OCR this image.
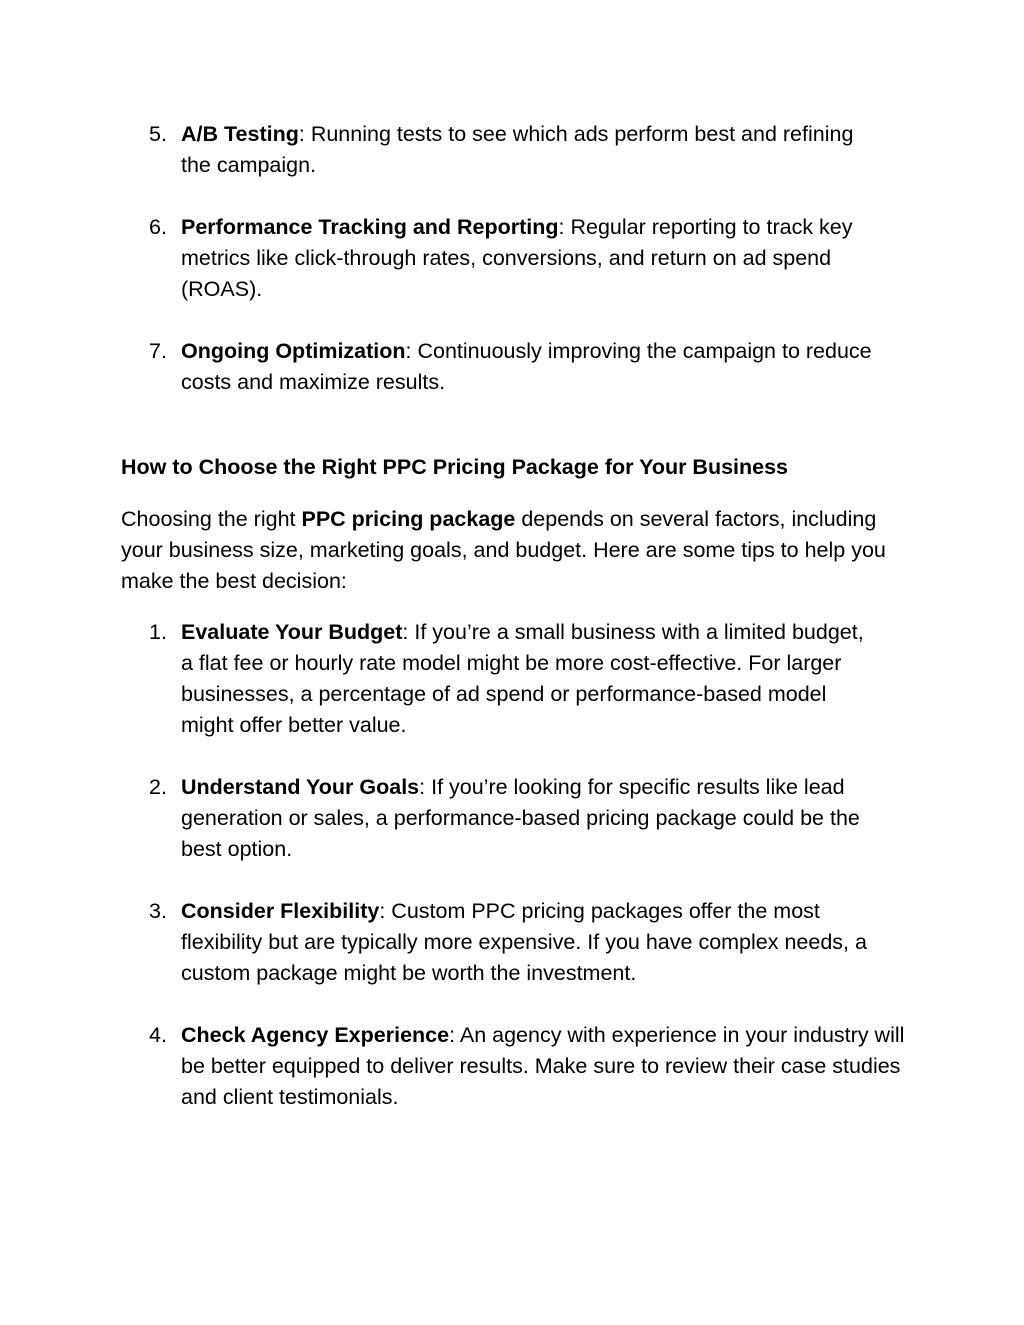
5. A/B Testing: Running tests to see which ads perform best and refining the campaign.
6. Performance Tracking and Reporting: Regular reporting to track key metrics like click-through rates, conversions, and return on ad spend (ROAS).
7. Ongoing Optimization: Continuously improving the campaign to reduce costs and maximize results.
How to Choose the Right PPC Pricing Package for Your Business

Choosing the right PPC pricing package depends on several factors, including your business size, marketing goals, and budget. Here are some tips to help you make the best decision:

1. Evaluate Your Budget: If you’re a small business with a limited budget, a flat fee or hourly rate model might be more cost-effective. For larger businesses, a percentage of ad spend or performance-based model might offer better value.
2. Understand Your Goals: If you’re looking for specific results like lead generation or sales, a performance-based pricing package could be the best option.
3. Consider Flexibility: Custom PPC pricing packages offer the most flexibility but are typically more expensive. If you have complex needs, a custom package might be worth the investment.
4. Check Agency Experience: An agency with experience in your industry will be better equipped to deliver results. Make sure to review their case studies and client testimonials.
